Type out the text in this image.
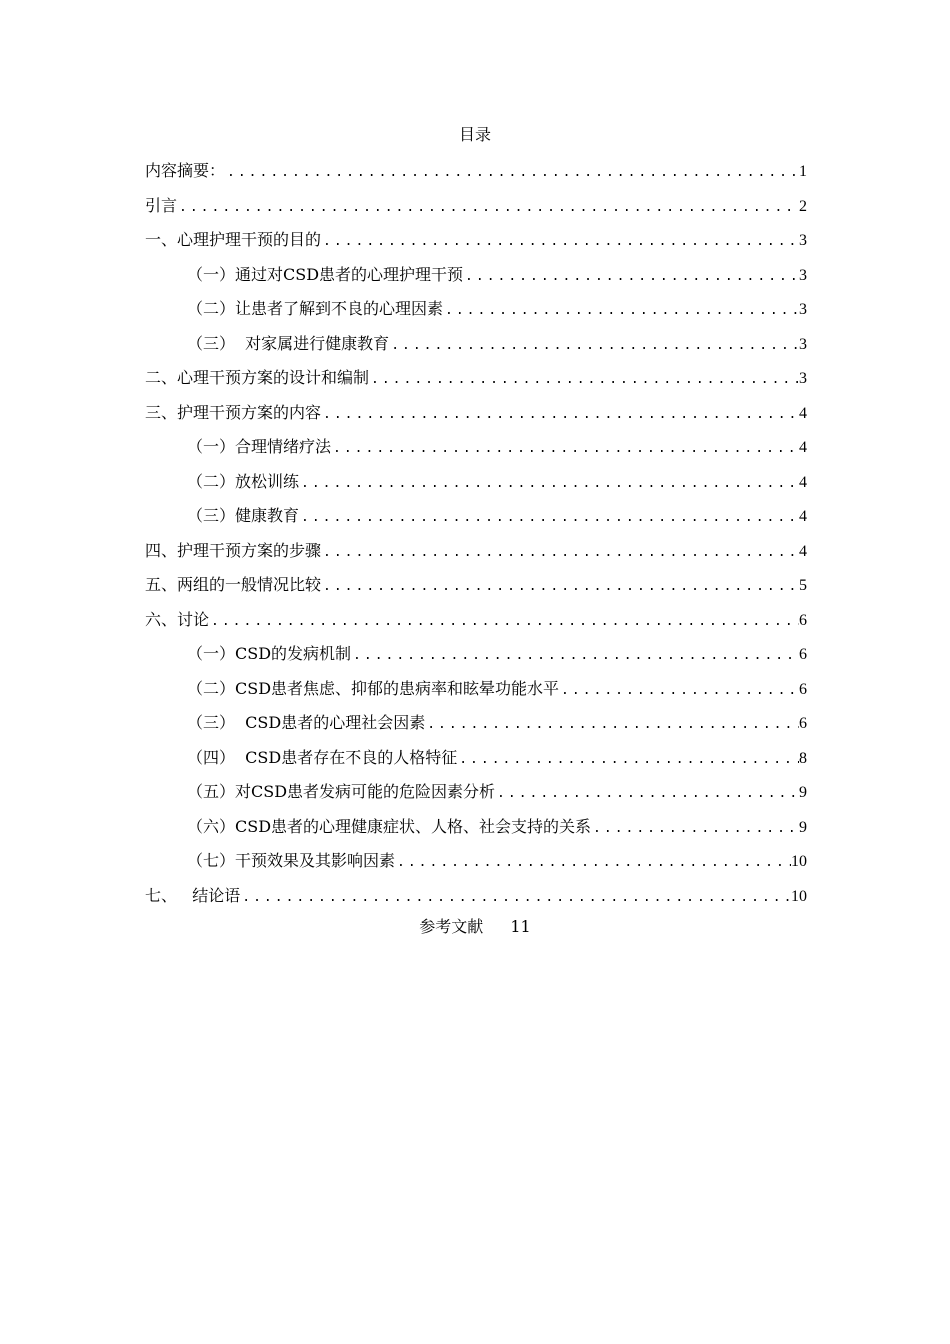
目录
内容摘要： .....	1
引言 .....	2
一、心理护理干预的目的 .....	3
（一）通过对CSD患者的心理护理干预 .....	3
（二）让患者了解到不良的心理因素 .....	3
（三）  对家属进行健康教育 .....	3
二、心理干预方案的设计和编制 .....	3
三、护理干预方案的内容 .....	4
（一）合理情绪疗法 .....	4
（二）放松训练 .....	4
（三）健康教育 .....	4
四、护理干预方案的步骤 .....	4
五、两组的一般情况比较 .....	5
六、讨论 .....	6
（一）CSD的发病机制 .....	6
（二）CSD患者焦虑、抑郁的患病率和眩晕功能水平 .....	6
（三）  CSD患者的心理社会因素 .....	6
（四）  CSD患者存在不良的人格特征 .....	8
（五）对CSD患者发病可能的危险因素分析 .....	9
（六）CSD患者的心理健康症状、人格、社会支持的关系 .....	9
（七）干预效果及其影响因素 .....	10
七、   结论语 .....	10
参考文献 11
